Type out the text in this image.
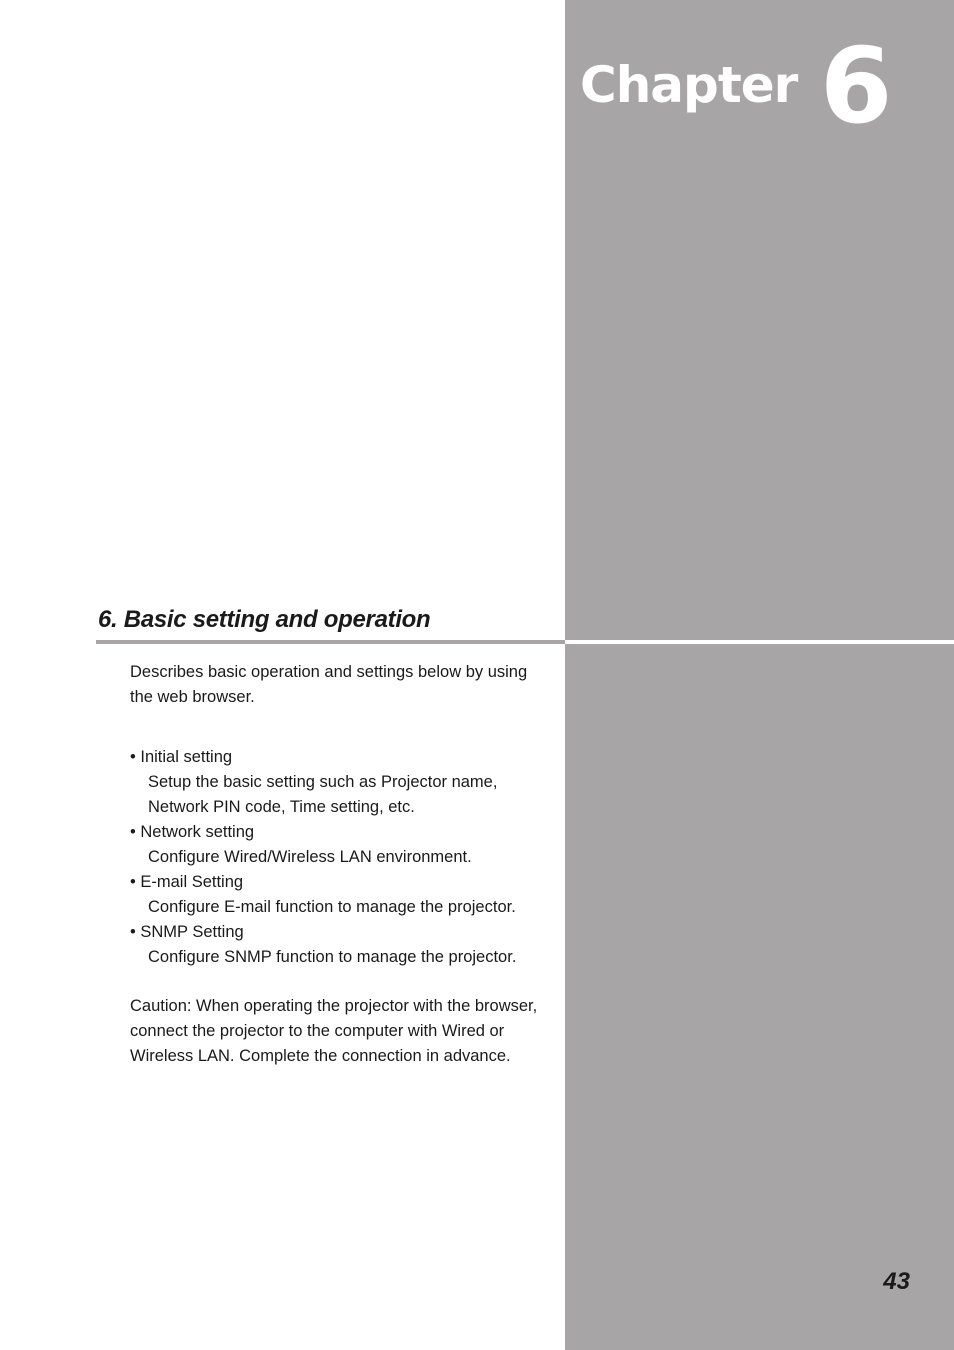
Chapter 6
6. Basic setting and operation

Describes basic operation and settings below by using the web browser.

• Initial setting

Setup the basic setting such as Projector name, Network PIN code, Time setting, etc.

• Network setting

Configure Wired/Wireless LAN environment.

• E-mail Setting

Configure E-mail function to manage the projector.

• SNMP Setting

Configure SNMP function to manage the projector.

Caution: When operating the projector with the browser, connect the projector to the computer with Wired or Wireless LAN. Complete the connection in advance.

43
